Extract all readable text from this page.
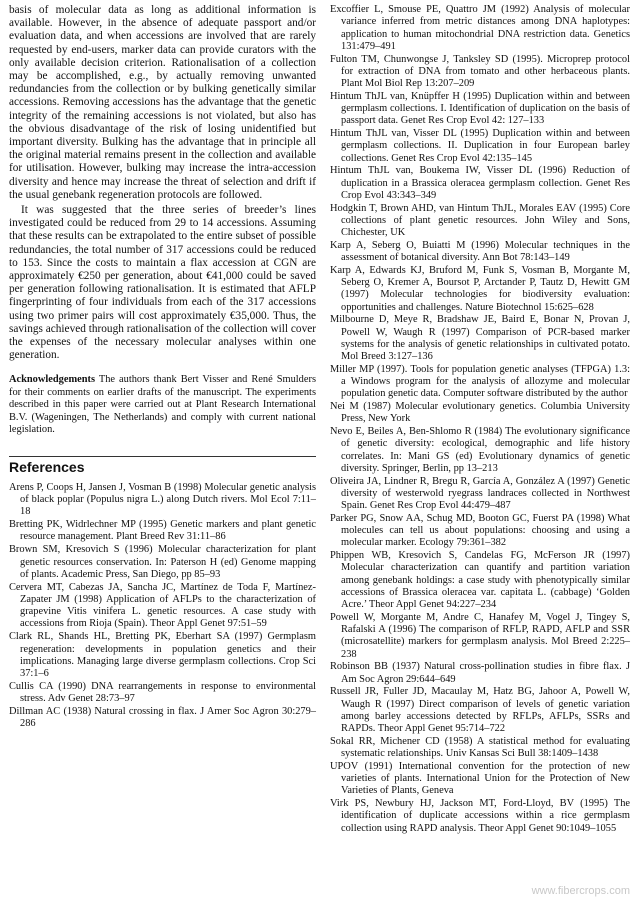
basis of molecular data as long as additional information is available. However, in the absence of adequate passport and/or evaluation data, and when accessions are involved that are rarely requested by end-users, marker data can provide curators with the only available decision criterion. Rationalisation of a collection may be accomplished, e.g., by actually removing unwanted redundancies from the collection or by bulking genetically similar accessions. Removing accessions has the advantage that the genetic integrity of the remaining accessions is not violated, but also has the obvious disadvantage of the risk of losing unidentified but important diversity. Bulking has the advantage that in principle all the original material remains present in the collection and available for utilisation. However, bulking may increase the intra-accession diversity and hence may increase the threat of selection and drift if the usual genebank regeneration protocols are followed.

It was suggested that the three series of breeder’s lines investigated could be reduced from 29 to 14 accessions. Assuming that these results can be extrapolated to the entire subset of possible redundancies, the total number of 317 accessions could be reduced to 153. Since the costs to maintain a flax accession at CGN are approximately €250 per generation, about €41,000 could be saved per generation following rationalisation. It is estimated that AFLP fingerprinting of four individuals from each of the 317 accessions using two primer pairs will cost approximately €35,000. Thus, the savings achieved through rationalisation of the collection will cover the expenses of the necessary molecular analyses within one generation.

Acknowledgements The authors thank Bert Visser and René Smulders for their comments on earlier drafts of the manuscript. The experiments described in this paper were carried out at Plant Research International B.V. (Wageningen, The Netherlands) and comply with current national legislation.
References

Arens P, Coops H, Jansen J, Vosman B (1998) Molecular genetic analysis of black poplar (Populus nigra L.) along Dutch rivers. Mol Ecol 7:11–18

Bretting PK, Widrlechner MP (1995) Genetic markers and plant genetic resource management. Plant Breed Rev 31:11–86

Brown SM, Kresovich S (1996) Molecular characterization for plant genetic resources conservation. In: Paterson H (ed) Genome mapping of plants. Academic Press, San Diego, pp 85–93

Cervera MT, Cabezas JA, Sancha JC, Martínez de Toda F, Martínez-Zapater JM (1998) Application of AFLPs to the characterization of grapevine Vitis vinifera L. genetic resources. A case study with accessions from Rioja (Spain). Theor Appl Genet 97:51–59

Clark RL, Shands HL, Bretting PK, Eberhart SA (1997) Germplasm regeneration: developments in population genetics and their implications. Managing large diverse germplasm collections. Crop Sci 37:1–6

Cullis CA (1990) DNA rearrangements in response to environmental stress. Adv Genet 28:73–97

Dillman AC (1938) Natural crossing in flax. J Amer Soc Agron 30:279–286

Excoffier L, Smouse PE, Quattro JM (1992) Analysis of molecular variance inferred from metric distances among DNA haplotypes: application to human mitochondrial DNA restriction data. Genetics 131:479–491

Fulton TM, Chunwongse J, Tanksley SD (1995). Microprep protocol for extraction of DNA from tomato and other herbaceous plants. Plant Mol Biol Rep 13:207–209

Hintum ThJL van, Knüpffer H (1995) Duplication within and between germplasm collections. I. Identification of duplication on the basis of passport data. Genet Res Crop Evol 42: 127–133

Hintum ThJL van, Visser DL (1995) Duplication within and between germplasm collections. II. Duplication in four European barley collections. Genet Res Crop Evol 42:135–145

Hintum ThJL van, Boukema IW, Visser DL (1996) Reduction of duplication in a Brassica oleracea germplasm collection. Genet Res Crop Evol 43:343–349

Hodgkin T, Brown AHD, van Hintum ThJL, Morales EAV (1995) Core collections of plant genetic resources. John Wiley and Sons, Chichester, UK

Karp A, Seberg O, Buiatti M (1996) Molecular techniques in the assessment of botanical diversity. Ann Bot 78:143–149

Karp A, Edwards KJ, Bruford M, Funk S, Vosman B, Morgante M, Seberg O, Kremer A, Boursot P, Arctander P, Tautz D, Hewitt GM (1997) Molecular technologies for biodiversity evaluation: opportunities and challenges. Nature Biotechnol 15:625–628

Milbourne D, Meye R, Bradshaw JE, Baird E, Bonar N, Provan J, Powell W, Waugh R (1997) Comparison of PCR-based marker systems for the analysis of genetic relationships in cultivated potato. Mol Breed 3:127–136

Miller MP (1997). Tools for population genetic analyses (TFPGA) 1.3: a Windows program for the analysis of allozyme and molecular population genetic data. Computer software distributed by the author

Nei M (1987) Molecular evolutionary genetics. Columbia University Press, New York

Nevo E, Beiles A, Ben-Shlomo R (1984) The evolutionary significance of genetic diversity: ecological, demographic and life history correlates. In: Mani GS (ed) Evolutionary dynamics of genetic diversity. Springer, Berlin, pp 13–213

Oliveira JA, Lindner R, Bregu R, García A, González A (1997) Genetic diversity of westerwold ryegrass landraces collected in Northwest Spain. Genet Res Crop Evol 44:479–487

Parker PG, Snow AA, Schug MD, Booton GC, Fuerst PA (1998) What molecules can tell us about populations: choosing and using a molecular marker. Ecology 79:361–382

Phippen WB, Kresovich S, Candelas FG, McFerson JR (1997) Molecular characterization can quantify and partition variation among genebank holdings: a case study with phenotypically similar accessions of Brassica oleracea var. capitata L. (cabbage) ‘Golden Acre.’ Theor Appl Genet 94:227–234

Powell W, Morgante M, Andre C, Hanafey M, Vogel J, Tingey S, Rafalski A (1996) The comparison of RFLP, RAPD, AFLP and SSR (microsatellite) markers for germplasm analysis. Mol Breed 2:225–238

Robinson BB (1937) Natural cross-pollination studies in fibre flax. J Am Soc Agron 29:644–649

Russell JR, Fuller JD, Macaulay M, Hatz BG, Jahoor A, Powell W, Waugh R (1997) Direct comparison of levels of genetic variation among barley accessions detected by RFLPs, AFLPs, SSRs and RAPDs. Theor Appl Genet 95:714–722

Sokal RR, Michener CD (1958) A statistical method for evaluating systematic relationships. Univ Kansas Sci Bull 38:1409–1438

UPOV (1991) International convention for the protection of new varieties of plants. International Union for the Protection of New Varieties of Plants, Geneva

Virk PS, Newbury HJ, Jackson MT, Ford-Lloyd, BV (1995) The identification of duplicate accessions within a rice germplasm collection using RAPD analysis. Theor Appl Genet 90:1049–1055

www.fibercrops.com
